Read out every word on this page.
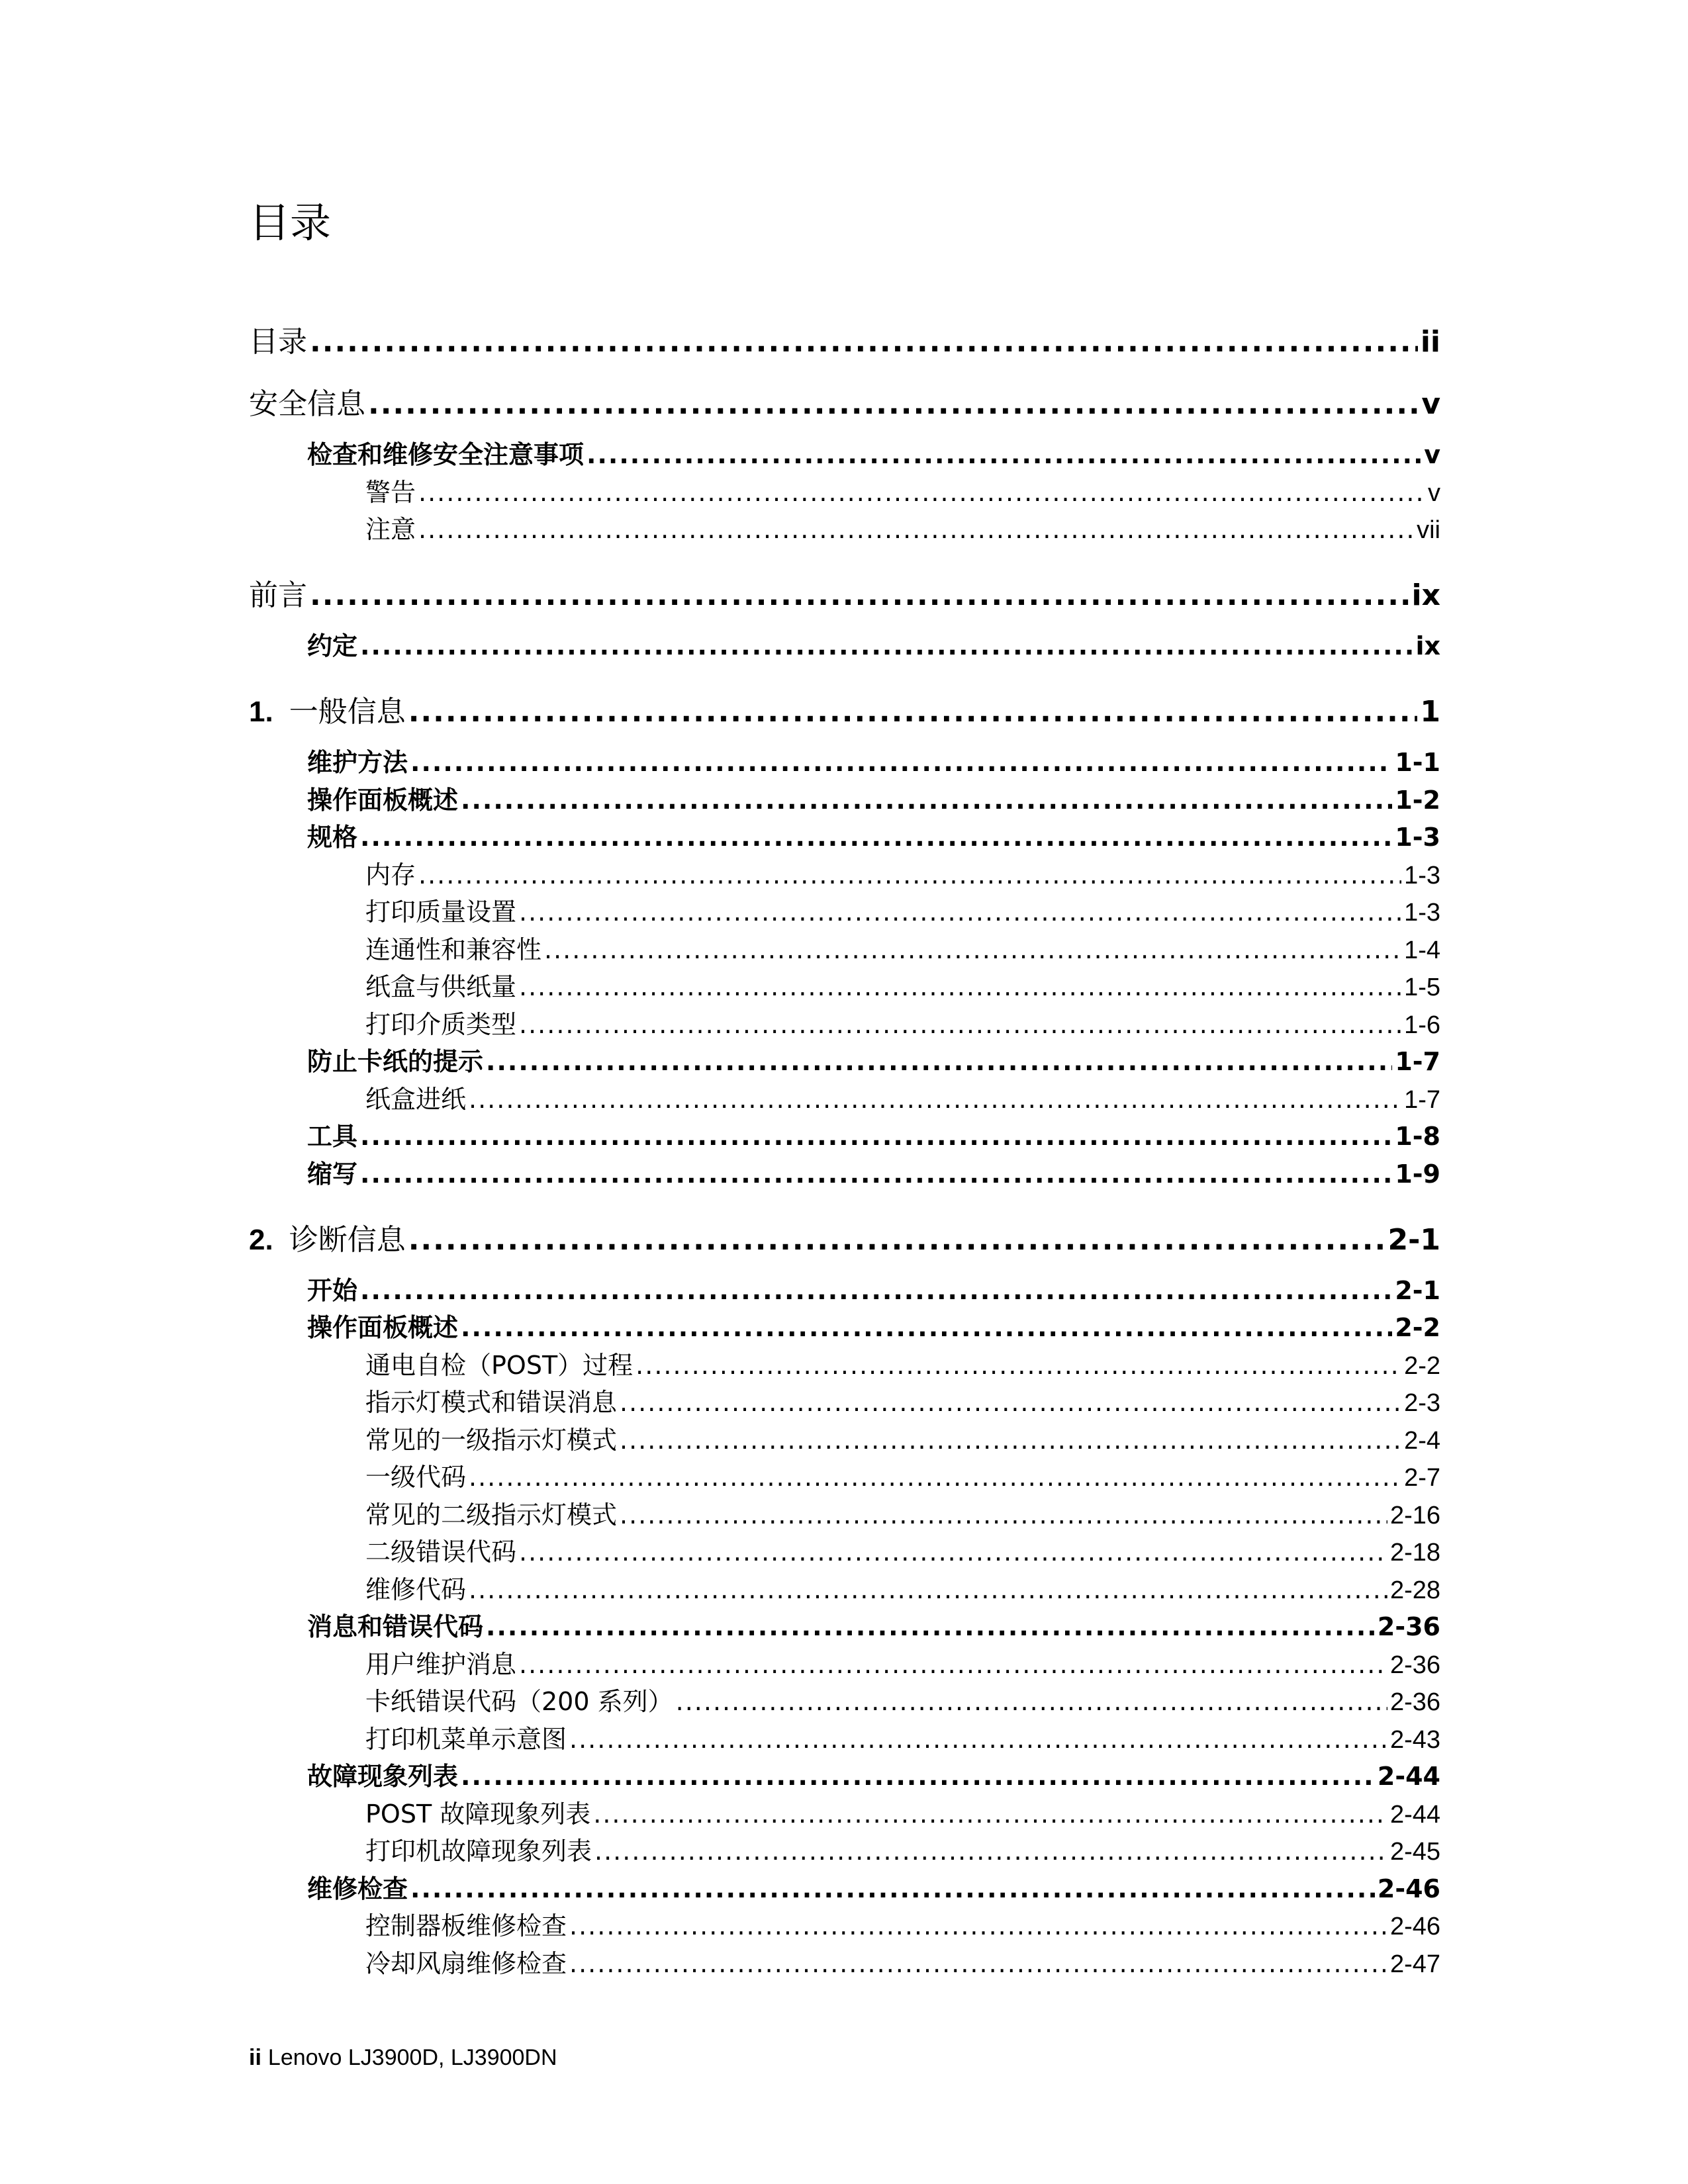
目录
目录 .....	ii
安全信息 .....	v
检查和维修安全注意事项 .....	v
警告 .....	v
注意 .....	vii
前言 .....	ix
约定 .....	ix
1. 一般信息 .....	1
维护方法 .....	1-1
操作面板概述 .....	1-2
规格 .....	1-3
内存 .....	1-3
打印质量设置 .....	1-3
连通性和兼容性 .....	1-4
纸盒与供纸量 .....	1-5
打印介质类型 .....	1-6
防止卡纸的提示 .....	1-7
纸盒进纸 .....	1-7
工具 .....	1-8
缩写 .....	1-9
2. 诊断信息 .....	2-1
开始 .....	2-1
操作面板概述 .....	2-2
通电自检（POST）过程 .....	2-2
指示灯模式和错误消息 .....	2-3
常见的一级指示灯模式 .....	2-4
一级代码 .....	2-7
常见的二级指示灯模式 .....	2-16
二级错误代码 .....	2-18
维修代码 .....	2-28
消息和错误代码 .....	2-36
用户维护消息 .....	2-36
卡纸错误代码（200 系列） .....	2-36
打印机菜单示意图 .....	2-43
故障现象列表 .....	2-44
POST 故障现象列表 .....	2-44
打印机故障现象列表 .....	2-45
维修检查 .....	2-46
控制器板维修检查 .....	2-46
冷却风扇维修检查 .....	2-47
ii Lenovo LJ3900D, LJ3900DN
